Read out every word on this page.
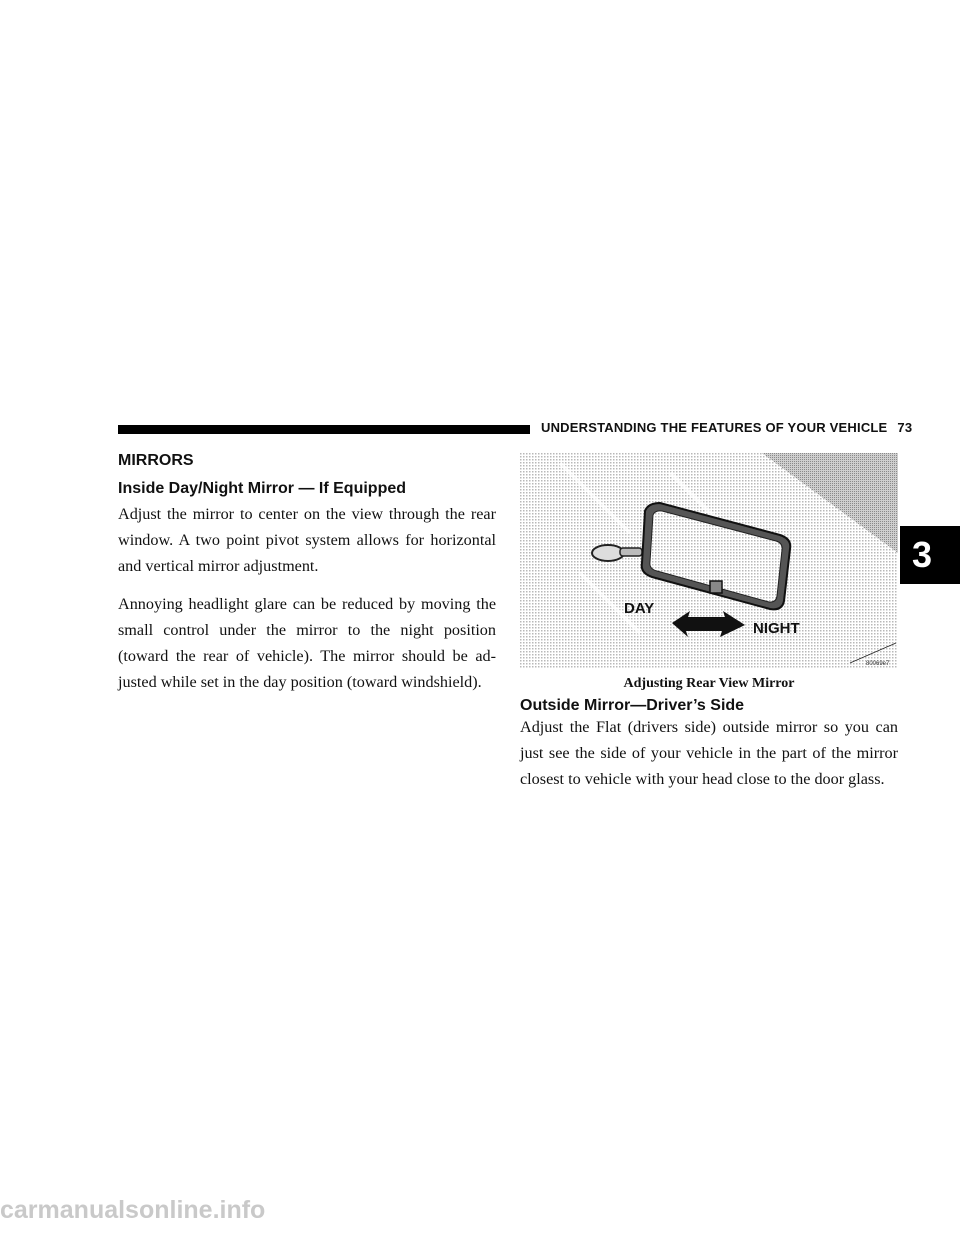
UNDERSTANDING THE FEATURES OF YOUR VEHICLE 73
3
MIRRORS
Inside Day/Night Mirror — If Equipped
Adjust the mirror to center on the view through the rear window. A two point pivot system allows for horizontal and vertical mirror adjustment.
Annoying headlight glare can be reduced by moving the small control under the mirror to the night position (toward the rear of vehicle). The mirror should be ad-justed while set in the day position (toward windshield).
DAY
NIGHT
80069e7
Adjusting Rear View Mirror
Outside Mirror—Driver’s Side
Adjust the Flat (drivers side) outside mirror so you can just see the side of your vehicle in the part of the mirror closest to vehicle with your head close to the door glass.
carmanualsonline.info
